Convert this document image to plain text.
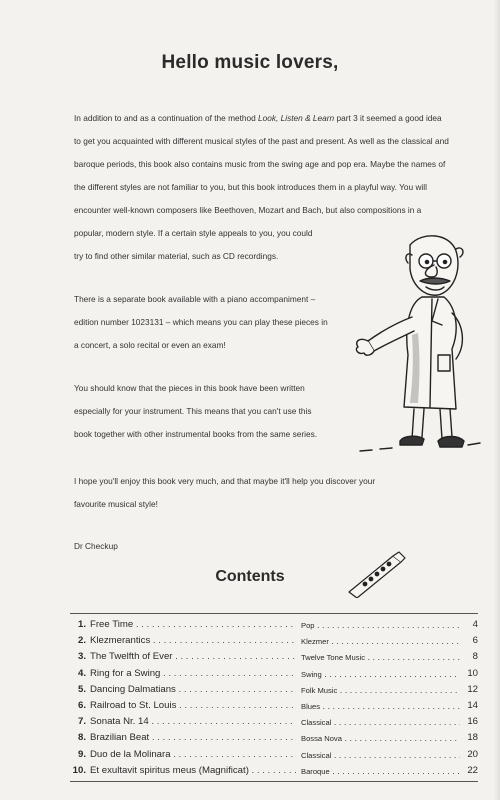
Hello music lovers,

In addition to and as a continuation of the method Look, Listen & Learn part 3 it seemed a good idea
to get you acquainted with different musical styles of the past and present. As well as the classical and
baroque periods, this book also contains music from the swing age and pop era. Maybe the names of
the different styles are not familiar to you, but this book introduces them in a playful way. You will
encounter well-known composers like Beethoven, Mozart and Bach, but also compositions in a
popular, modern style. If a certain style appeals to you, you could
try to find other similar material, such as CD recordings.

There is a separate book available with a piano accompaniment –
edition number 1023131 – which means you can play these pieces in
a concert, a solo recital or even an exam!

You should know that the pieces in this book have been written
especially for your instrument. This means that you can't use this
book together with other instrumental books from the same series.

I hope you'll enjoy this book very much, and that maybe it'll help you discover your
favourite musical style!

Dr Checkup
Contents
1. Free Time . . .	Pop . . .	4
2. Klezmerantics . . .	Klezmer . . .	6
3. The Twelfth of Ever . . .	Twelve Tone Music . . .	8
4. Ring for a Swing . . .	Swing . . .	10
5. Dancing Dalmatians . . .	Folk Music . . .	12
6. Railroad to St. Louis . . .	Blues . . .	14
7. Sonata Nr. 14 . . .	Classical . . .	16
8. Brazilian Beat . . .	Bossa Nova . . .	18
9. Duo de la Molinara . . .	Classical . . .	20
10. Et exultavit spiritus meus (Magnificat) . . .	Baroque . . .	22
